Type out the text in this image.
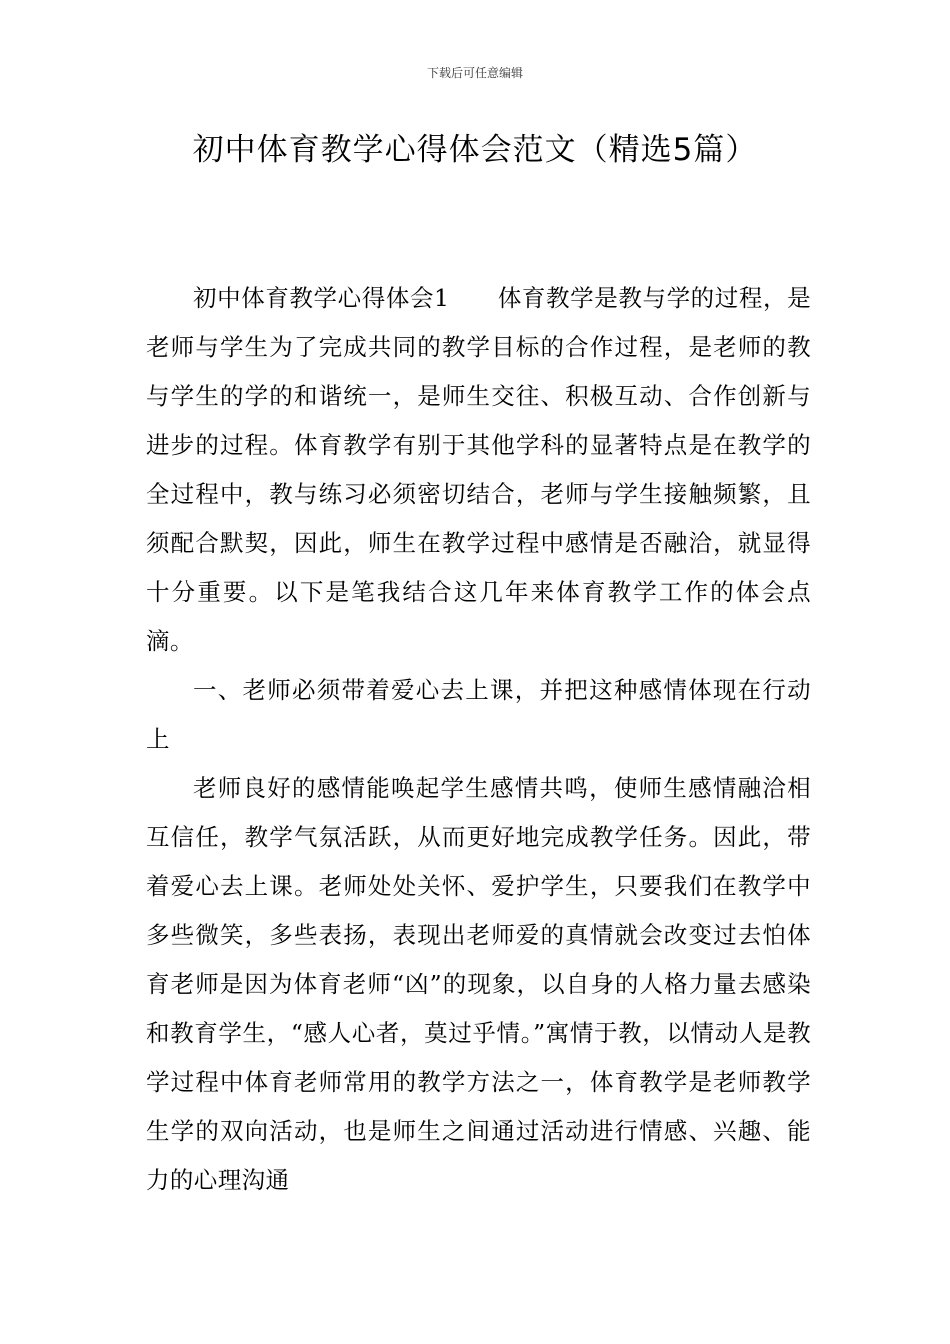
下载后可任意编辑
初中体育教学心得体会范文（精选5篇）

初中体育教学心得体会1　　体育教学是教与学的过程，是老师与学生为了完成共同的教学目标的合作过程，是老师的教与学生的学的和谐统一，是师生交往、积极互动、合作创新与进步的过程。体育教学有别于其他学科的显著特点是在教学的全过程中，教与练习必须密切结合，老师与学生接触频繁，且须配合默契，因此，师生在教学过程中感情是否融洽，就显得十分重要。以下是笔我结合这几年来体育教学工作的体会点滴。

一、老师必须带着爱心去上课，并把这种感情体现在行动上

老师良好的感情能唤起学生感情共鸣，使师生感情融洽相互信任，教学气氛活跃，从而更好地完成教学任务。因此，带着爱心去上课。老师处处关怀、爱护学生，只要我们在教学中多些微笑，多些表扬，表现出老师爱的真情就会改变过去怕体育老师是因为体育老师“凶”的现象，以自身的人格力量去感染和教育学生，“感人心者，莫过乎情。”寓情于教，以情动人是教学过程中体育老师常用的教学方法之一，体育教学是老师教学生学的双向活动，也是师生之间通过活动进行情感、兴趣、能力的心理沟通
